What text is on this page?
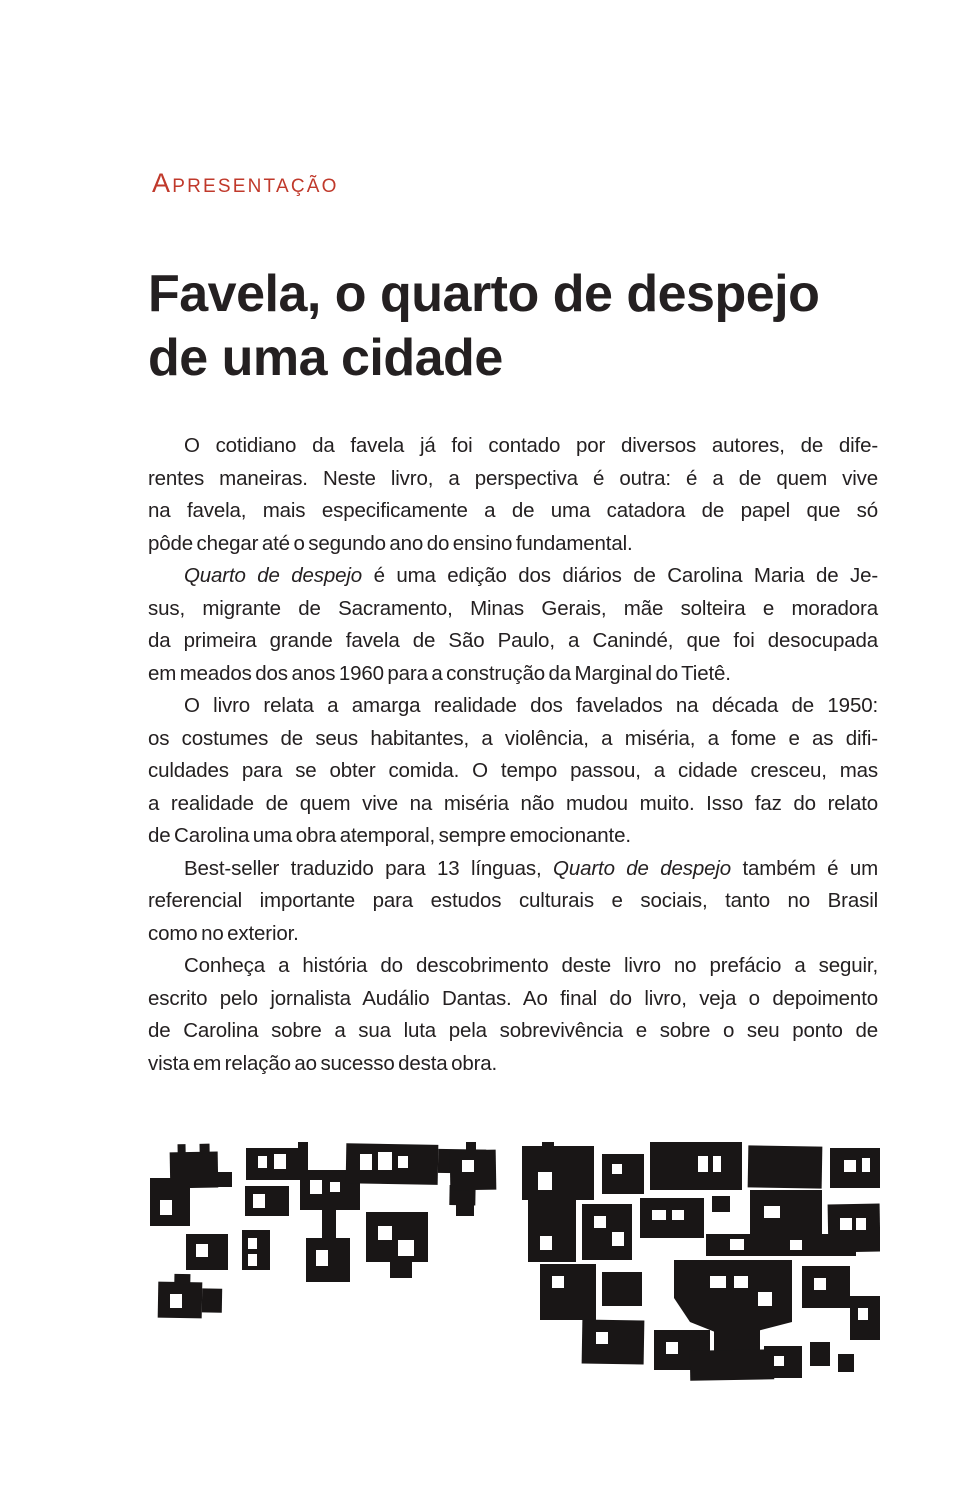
APRESENTAÇÃO
Favela, o quarto de despejo
de uma cidade
O cotidiano da favela já foi contado por diversos autores, de dife-
rentes maneiras. Neste livro, a perspectiva é outra: é a de quem vive
na favela, mais especificamente a de uma catadora de papel que só
pôde chegar até o segundo ano do ensino fundamental.
Quarto de despejo é uma edição dos diários de Carolina Maria de Je-
sus, migrante de Sacramento, Minas Gerais, mãe solteira e moradora
da primeira grande favela de São Paulo, a Canindé, que foi desocupada
em meados dos anos 1960 para a construção da Marginal do Tietê.
O livro relata a amarga realidade dos favelados na década de 1950:
os costumes de seus habitantes, a violência, a miséria, a fome e as difi-
culdades para se obter comida. O tempo passou, a cidade cresceu, mas
a realidade de quem vive na miséria não mudou muito. Isso faz do relato
de Carolina uma obra atemporal, sempre emocionante.
Best-seller traduzido para 13 línguas, Quarto de despejo também é um
referencial importante para estudos culturais e sociais, tanto no Brasil
como no exterior.
Conheça a história do descobrimento deste livro no prefácio a seguir,
escrito pelo jornalista Audálio Dantas. Ao final do livro, veja o depoimento
de Carolina sobre a sua luta pela sobrevivência e sobre o seu ponto de
vista em relação ao sucesso desta obra.
